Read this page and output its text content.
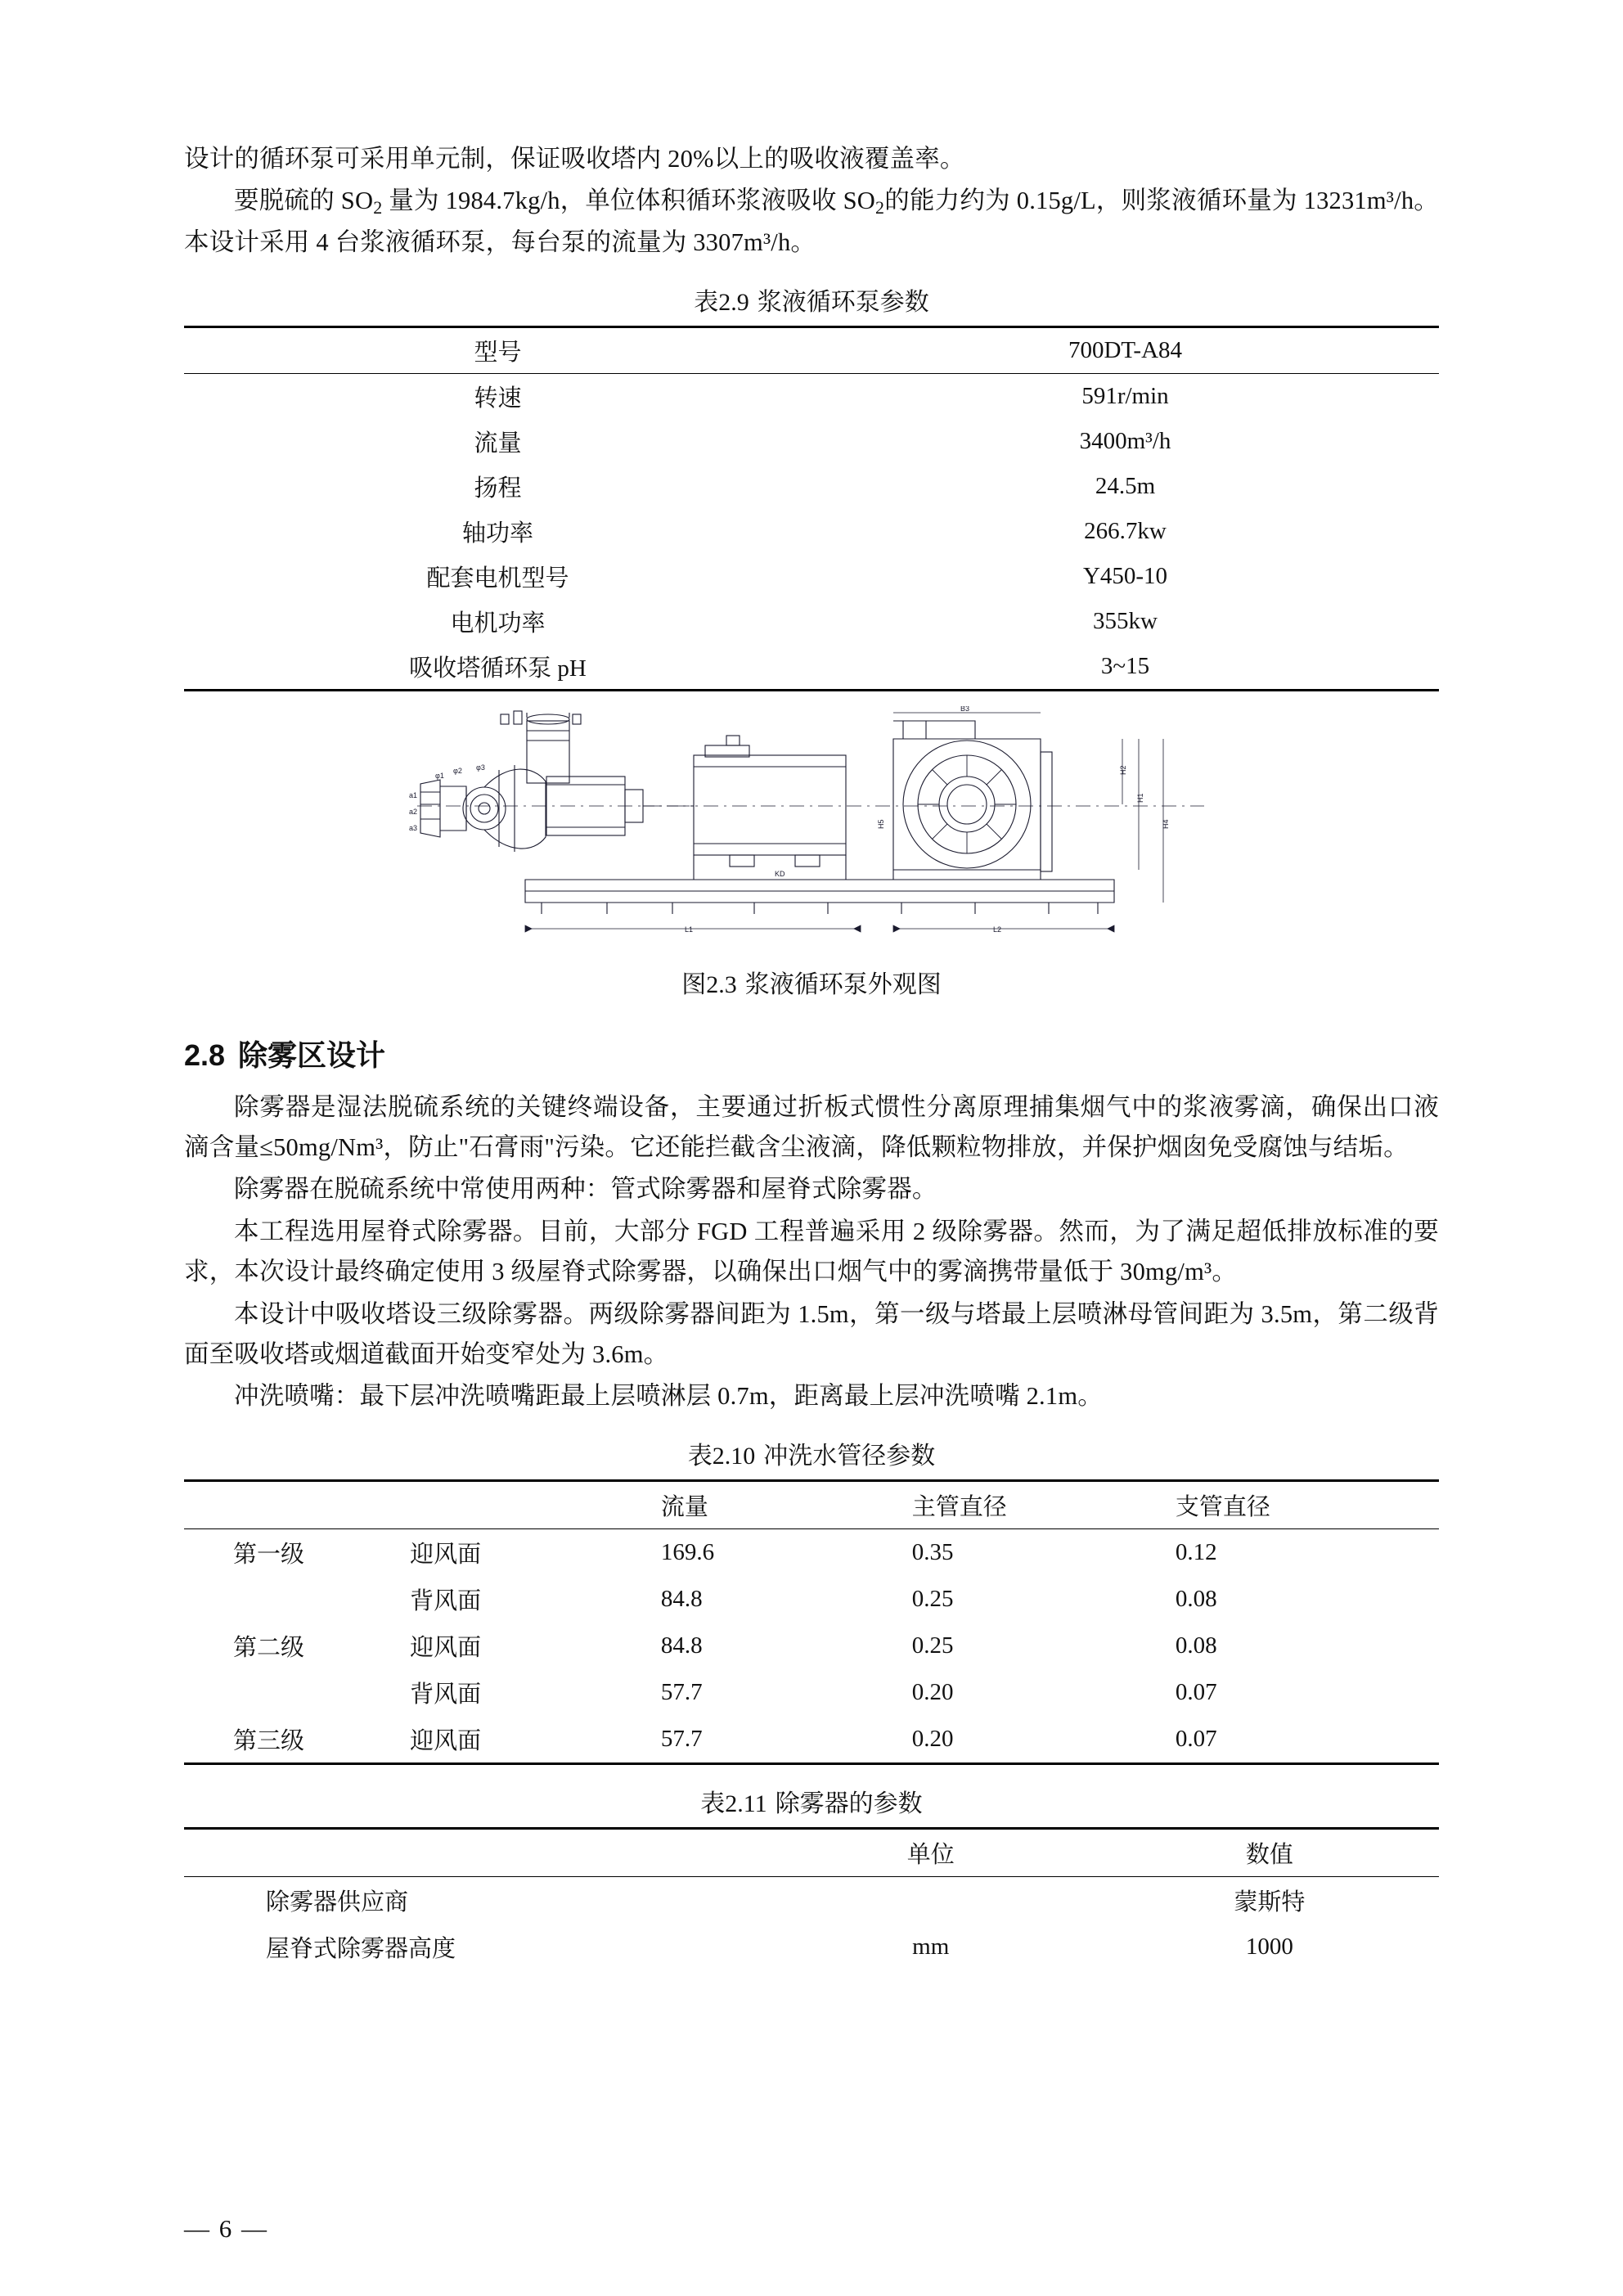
设计的循环泵可采用单元制，保证吸收塔内 20%以上的吸收液覆盖率。

要脱硫的 $SO_2$ 量为 1984.7kg/h，单位体积循环浆液吸收 $SO_2$的能力约为 0.15g/L，则浆液循环量为 13231m³/h。本设计采用 4 台浆液循环泵，每台泵的流量为 3307m³/h。

表2.9 浆液循环泵参数
型号	700DT-A84
转速	591r/min
流量	3400m³/h
扬程	24.5m
轴功率	266.7kw
配套电机型号	Y450-10
电机功率	355kw
吸收塔循环泵 pH	3~15
L1	L2
H1
H4
H2
B3
H5
KD
φ1
φ2 φ3
a1
a2
a3
图2.3 浆液循环泵外观图
2.8 除雾区设计

除雾器是湿法脱硫系统的关键终端设备，主要通过折板式惯性分离原理捕集烟气中的浆液雾滴，确保出口液滴含量≤50mg/Nm³，防止"石膏雨"污染。它还能拦截含尘液滴，降低颗粒物排放，并保护烟囱免受腐蚀与结垢。

除雾器在脱硫系统中常使用两种：管式除雾器和屋脊式除雾器。

本工程选用屋脊式除雾器。目前，大部分 FGD 工程普遍采用 2 级除雾器。然而，为了满足超低排放标准的要求，本次设计最终确定使用 3 级屋脊式除雾器，以确保出口烟气中的雾滴携带量低于 30mg/m³。

本设计中吸收塔设三级除雾器。两级除雾器间距为 1.5m，第一级与塔最上层喷淋母管间距为 3.5m，第二级背面至吸收塔或烟道截面开始变窄处为 3.6m。

冲洗喷嘴：最下层冲洗喷嘴距最上层喷淋层 0.7m，距离最上层冲洗喷嘴 2.1m。

表2.10 冲洗水管径参数
		流量	主管直径	支管直径
第一级	迎风面	169.6	0.35	0.12
	背风面	84.8	0.25	0.08
第二级	迎风面	84.8	0.25	0.08
	背风面	57.7	0.20	0.07
第三级	迎风面	57.7	0.20	0.07
表2.11 除雾器的参数
	单位	数值
除雾器供应商		蒙斯特
屋脊式除雾器高度	mm	1000
— 6 —
